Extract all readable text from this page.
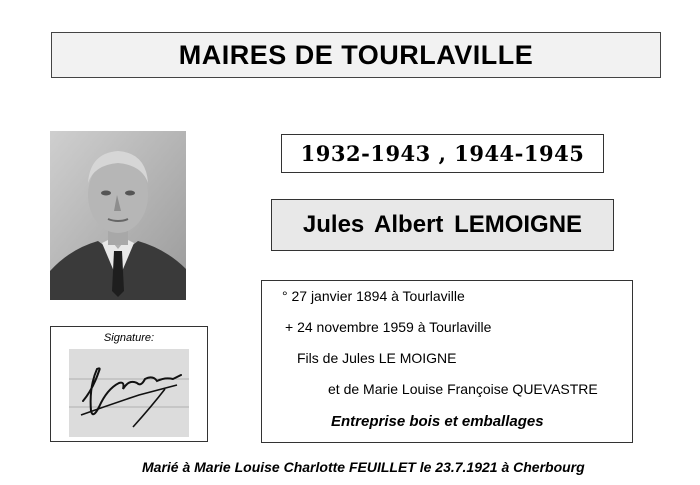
MAIRES DE TOURLAVILLE
1932-1943 , 1944-1945
Jules Albert LEMOIGNE
° 27 janvier 1894 à Tourlaville
+ 24 novembre 1959 à Tourlaville
Fils de Jules LE MOIGNE
et de Marie Louise Françoise QUEVASTRE
Entreprise bois et emballages
Signature:
Marié à Marie Louise Charlotte FEUILLET le 23.7.1921 à Cherbourg
